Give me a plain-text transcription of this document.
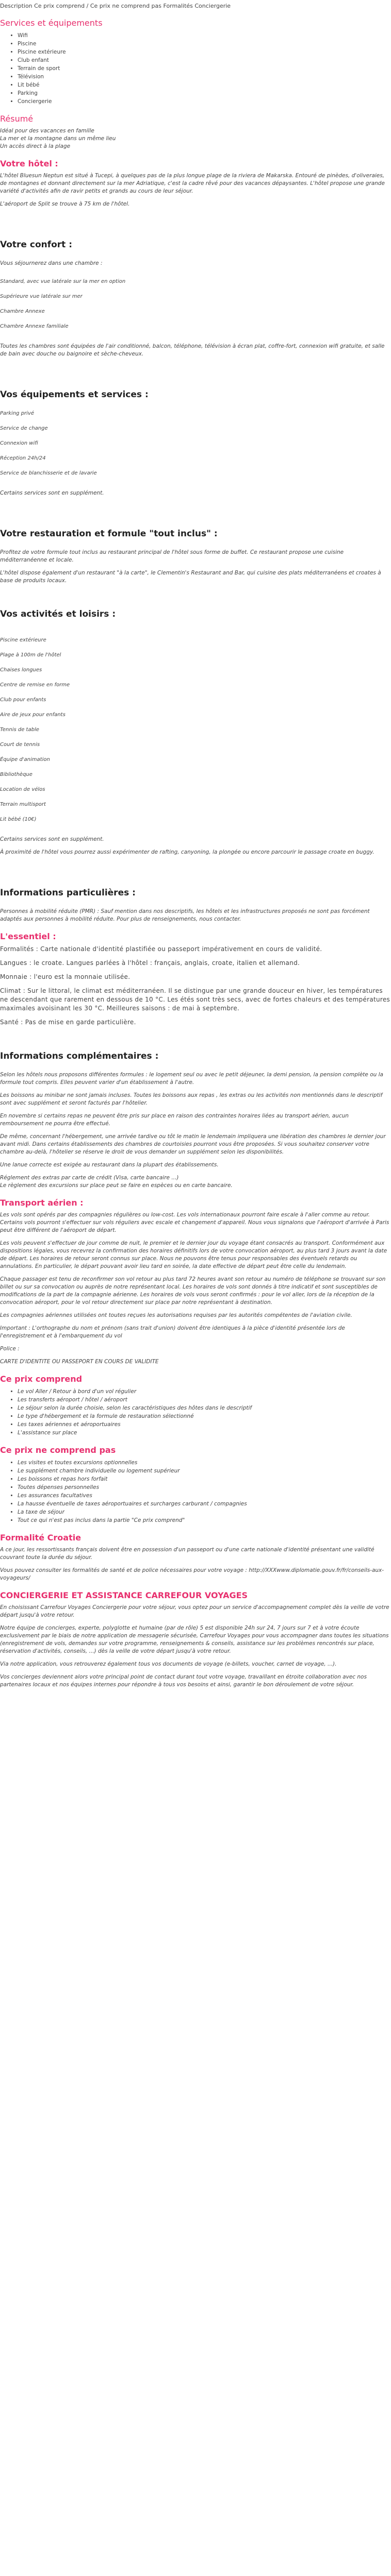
Description Ce prix comprend / Ce prix ne comprend pas Formalités Conciergerie
Services et équipements
• Wifi
• Piscine
• Piscine extérieure
• Club enfant
• Terrain de sport
• Télévision
• Lit bébé
• Parking
• Conciergerie
Résumé

Idéal pour des vacances en famille

La mer et la montagne dans un même lieu

Un accès direct à la plage

Votre hôtel :

L'hôtel Bluesun Neptun est situé à Tucepi, à quelques pas de la plus longue plage de la riviera de Makarska. Entouré de pinèdes, d'oliveraies, de montagnes et donnant directement sur la mer Adriatique, c'est la cadre rêvé pour des vacances dépaysantes. L'hôtel propose une grande variété d'activités afin de ravir petits et grands au cours de leur séjour.

L'aéroport de Split se trouve à 75 km de l'hôtel.

Votre confort :

Vous séjournerez dans une chambre :

Standard, avec vue latérale sur la mer en option
Supérieure vue latérale sur mer
Chambre Annexe
Chambre Annexe familiale

Toutes les chambres sont équipées de l'air conditionné, balcon, téléphone, télévision à écran plat, coffre-fort, connexion wifi gratuite, et salle de bain avec douche ou baignoire et sèche-cheveux.

Vos équipements et services :
Parking privé
Service de change
Connexion wifi
Réception 24h/24
Service de blanchisserie et de lavarie

Certains services sont en supplément.

Votre restauration et formule "tout inclus" :

Profitez de votre formule tout inclus au restaurant principal de l'hôtel sous forme de buffet. Ce restaurant propose une cuisine méditerranéenne et locale.

L'hôtel dispose également d'un restaurant "à la carte", le Clementin's Restaurant and Bar, qui cuisine des plats méditerranéens et croates à base de produits locaux.

Vos activités et loisirs :
Piscine extérieure
Plage à 100m de l'hôtel
Chaises longues
Centre de remise en forme
Club pour enfants
Aire de jeux pour enfants
Tennis de table
Court de tennis
Équipe d'animation
Bibliothèque
Location de vélos
Terrain multisport
Lit bébé (10€)

Certains services sont en supplément.

À proximité de l'hôtel vous pourrez aussi expérimenter de rafting, canyoning, la plongée ou encore parcourir le passage croate en buggy.

Informations particulières :

Personnes à mobilité réduite (PMR) : Sauf mention dans nos descriptifs, les hôtels et les infrastructures proposés ne sont pas forcément adaptés aux personnes à mobilité réduite. Pour plus de renseignements, nous contacter.

L'essentiel :

Formalités : Carte nationale d'identité plastifiée ou passeport impérativement en cours de validité.

Langues : le croate. Langues parlées à l'hôtel : français, anglais, croate, italien et allemand.

Monnaie : l'euro est la monnaie utilisée.

Climat : Sur le littoral, le climat est méditerranéen. Il se distingue par une grande douceur en hiver, les températures ne descendant que rarement en dessous de 10 °C. Les étés sont très secs, avec de fortes chaleurs et des températures maximales avoisinant les 30 °C. Meilleures saisons : de mai à septembre.

Santé : Pas de mise en garde particulière.

Informations complémentaires :

Selon les hôtels nous proposons différentes formules : le logement seul ou avec le petit déjeuner, la demi pension, la pension complète ou la formule tout compris. Elles peuvent varier d'un établissement à l'autre.

Les boissons au minibar ne sont jamais incluses. Toutes les boissons aux repas , les extras ou les activités non mentionnés dans le descriptif sont avec supplément et seront facturés par l'hôtelier.

En novembre si certains repas ne peuvent être pris sur place en raison des contraintes horaires liées au transport aérien, aucun remboursement ne pourra être effectué.

De même, concernant l'hébergement, une arrivée tardive ou tôt le matin le lendemain impliquera une libération des chambres le dernier jour avant midi. Dans certains établissements des chambres de courtoisies pourront vous être proposées. Si vous souhaitez conserver votre chambre au-delà, l'hôtelier se réserve le droit de vous demander un supplément selon les disponibilités.

Une lanue correcte est exigée au restaurant dans la plupart des établissements.

Réglement des extras par carte de crédit (Visa, carte bancaire ...)

Le règlement des excursions sur place peut se faire en espèces ou en carte bancaire.

Transport aérien :

Les vols sont opérés par des compagnies régulières ou low-cost. Les vols internationaux pourront faire escale à l'aller comme au retour. Certains vols pourront s'effectuer sur vols réguliers avec escale et changement d'appareil. Nous vous signalons que l'aéroport d'arrivée à Paris peut être différent de l'aéroport de départ.

Les vols peuvent s'effectuer de jour comme de nuit, le premier et le dernier jour du voyage étant consacrés au transport. Conformément aux dispositions légales, vous recevrez la confirmation des horaires définitifs lors de votre convocation aéroport, au plus tard 3 jours avant la date de départ. Les horaires de retour seront connus sur place. Nous ne pouvons être tenus pour responsables des éventuels retards ou annulations. En particulier, le départ pouvant avoir lieu tard en soirée, la date effective de départ peut être celle du lendemain.

Chaque passager est tenu de reconfirmer son vol retour au plus tard 72 heures avant son retour au numéro de téléphone se trouvant sur son billet ou sur sa convocation ou auprès de notre représentant local. Les horaires de vols sont donnés à titre indicatif et sont susceptibles de modifications de la part de la compagnie aérienne. Les horaires de vols vous seront confirmés : pour le vol aller, lors de la réception de la convocation aéroport, pour le vol retour directement sur place par notre représentant à destination.

Les compagnies aériennes utilisées ont toutes reçues les autorisations requises par les autorités compétentes de l'aviation civile.

Important : L'orthographe du nom et prénom (sans trait d'union) doivent être identiques à la pièce d'identité présentée lors de l'enregistrement et à l'embarquement du vol

Police :

CARTE D'IDENTITE OU PASSEPORT EN COURS DE VALIDITE

Ce prix comprend
• Le vol Aller / Retour à bord d'un vol régulier
• Les transferts aéroport / hôtel / aéroport
• Le séjour selon la durée choisie, selon les caractéristiques des hôtes dans le descriptif
• Le type d'hébergement et la formule de restauration sélectionné
• Les taxes aériennes et aéroportuaires
• L'assistance sur place
Ce prix ne comprend pas
• Les visites et toutes excursions optionnelles
• Le supplément chambre individuelle ou logement supérieur
• Les boissons et repas hors forfait
• Toutes dépenses personnelles
• Les assurances facultatives
• La hausse éventuelle de taxes aéroportuaires et surcharges carburant / compagnies
• La taxe de séjour
• Tout ce qui n'est pas inclus dans la partie "Ce prix comprend"
Formalité Croatie

A ce jour, les ressortissants français doivent être en possession d'un passeport ou d'une carte nationale d'identité présentant une validité couvrant toute la durée du séjour.

Vous pouvez consulter les formalités de santé et de police nécessaires pour votre voyage : http://XXXwww.diplomatie.gouv.fr/fr/conseils-aux-voyageurs/

CONCIERGERIE ET ASSISTANCE CARREFOUR VOYAGES

En choisissant Carrefour Voyages Conciergerie pour votre séjour, vous optez pour un service d'accompagnement complet dès la veille de votre départ jusqu'à votre retour.

Notre équipe de concierges, experte, polyglotte et humaine (par de rôle) 5 est disponible 24h sur 24, 7 jours sur 7 et à votre écoute exclusivement par le biais de notre application de messagerie sécurisée, Carrefour Voyages pour vous accompagner dans toutes les situations (enregistrement de vols, demandes sur votre programme, renseignements & conseils, assistance sur les problèmes rencontrés sur place, réservation d'activités, conseils, ...) dès la veille de votre départ jusqu'à votre retour.

Via notre application, vous retrouverez également tous vos documents de voyage (e-billets, voucher, carnet de voyage, ...).

Vos concierges deviennent alors votre principal point de contact durant tout votre voyage, travaillant en étroite collaboration avec nos partenaires locaux et nos équipes internes pour répondre à tous vos besoins et ainsi, garantir le bon déroulement de votre séjour.
